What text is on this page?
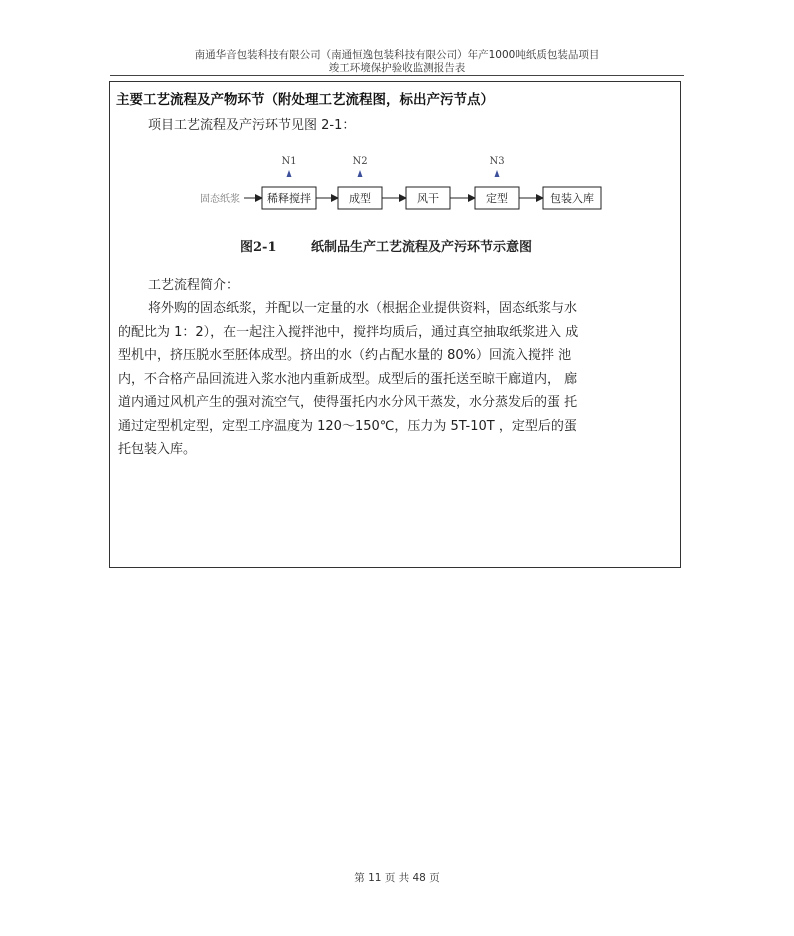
南通华音包装科技有限公司（南通恒逸包装科技有限公司）年产1000吨纸质包装品项目
竣工环境保护验收监测报告表
主要工艺流程及产物环节（附处理工艺流程图，标出产污节点）
项目工艺流程及产污环节见图 2-1：
固态纸浆 稀释搅拌	成型	风干	定型	包装入库
N1	N2	N3
图2-1	纸制品生产工艺流程及产污环节示意图
工艺流程简介：
将外购的固态纸浆，并配以一定量的水（根据企业提供资料，固态纸浆与水
的配比为 1：2），在一起注入搅拌池中，搅拌均质后，通过真空抽取纸浆进入 成
型机中，挤压脱水至胚体成型。挤出的水（约占配水量的 80%）回流入搅拌 池
内，不合格产品回流进入浆水池内重新成型。成型后的蛋托送至晾干廊道内， 廊
道内通过风机产生的强对流空气，使得蛋托内水分风干蒸发，水分蒸发后的蛋 托
通过定型机定型，定型工序温度为 120～150℃，压力为 5T-10T ，定型后的蛋
托包装入库。
第 11 页 共 48 页
